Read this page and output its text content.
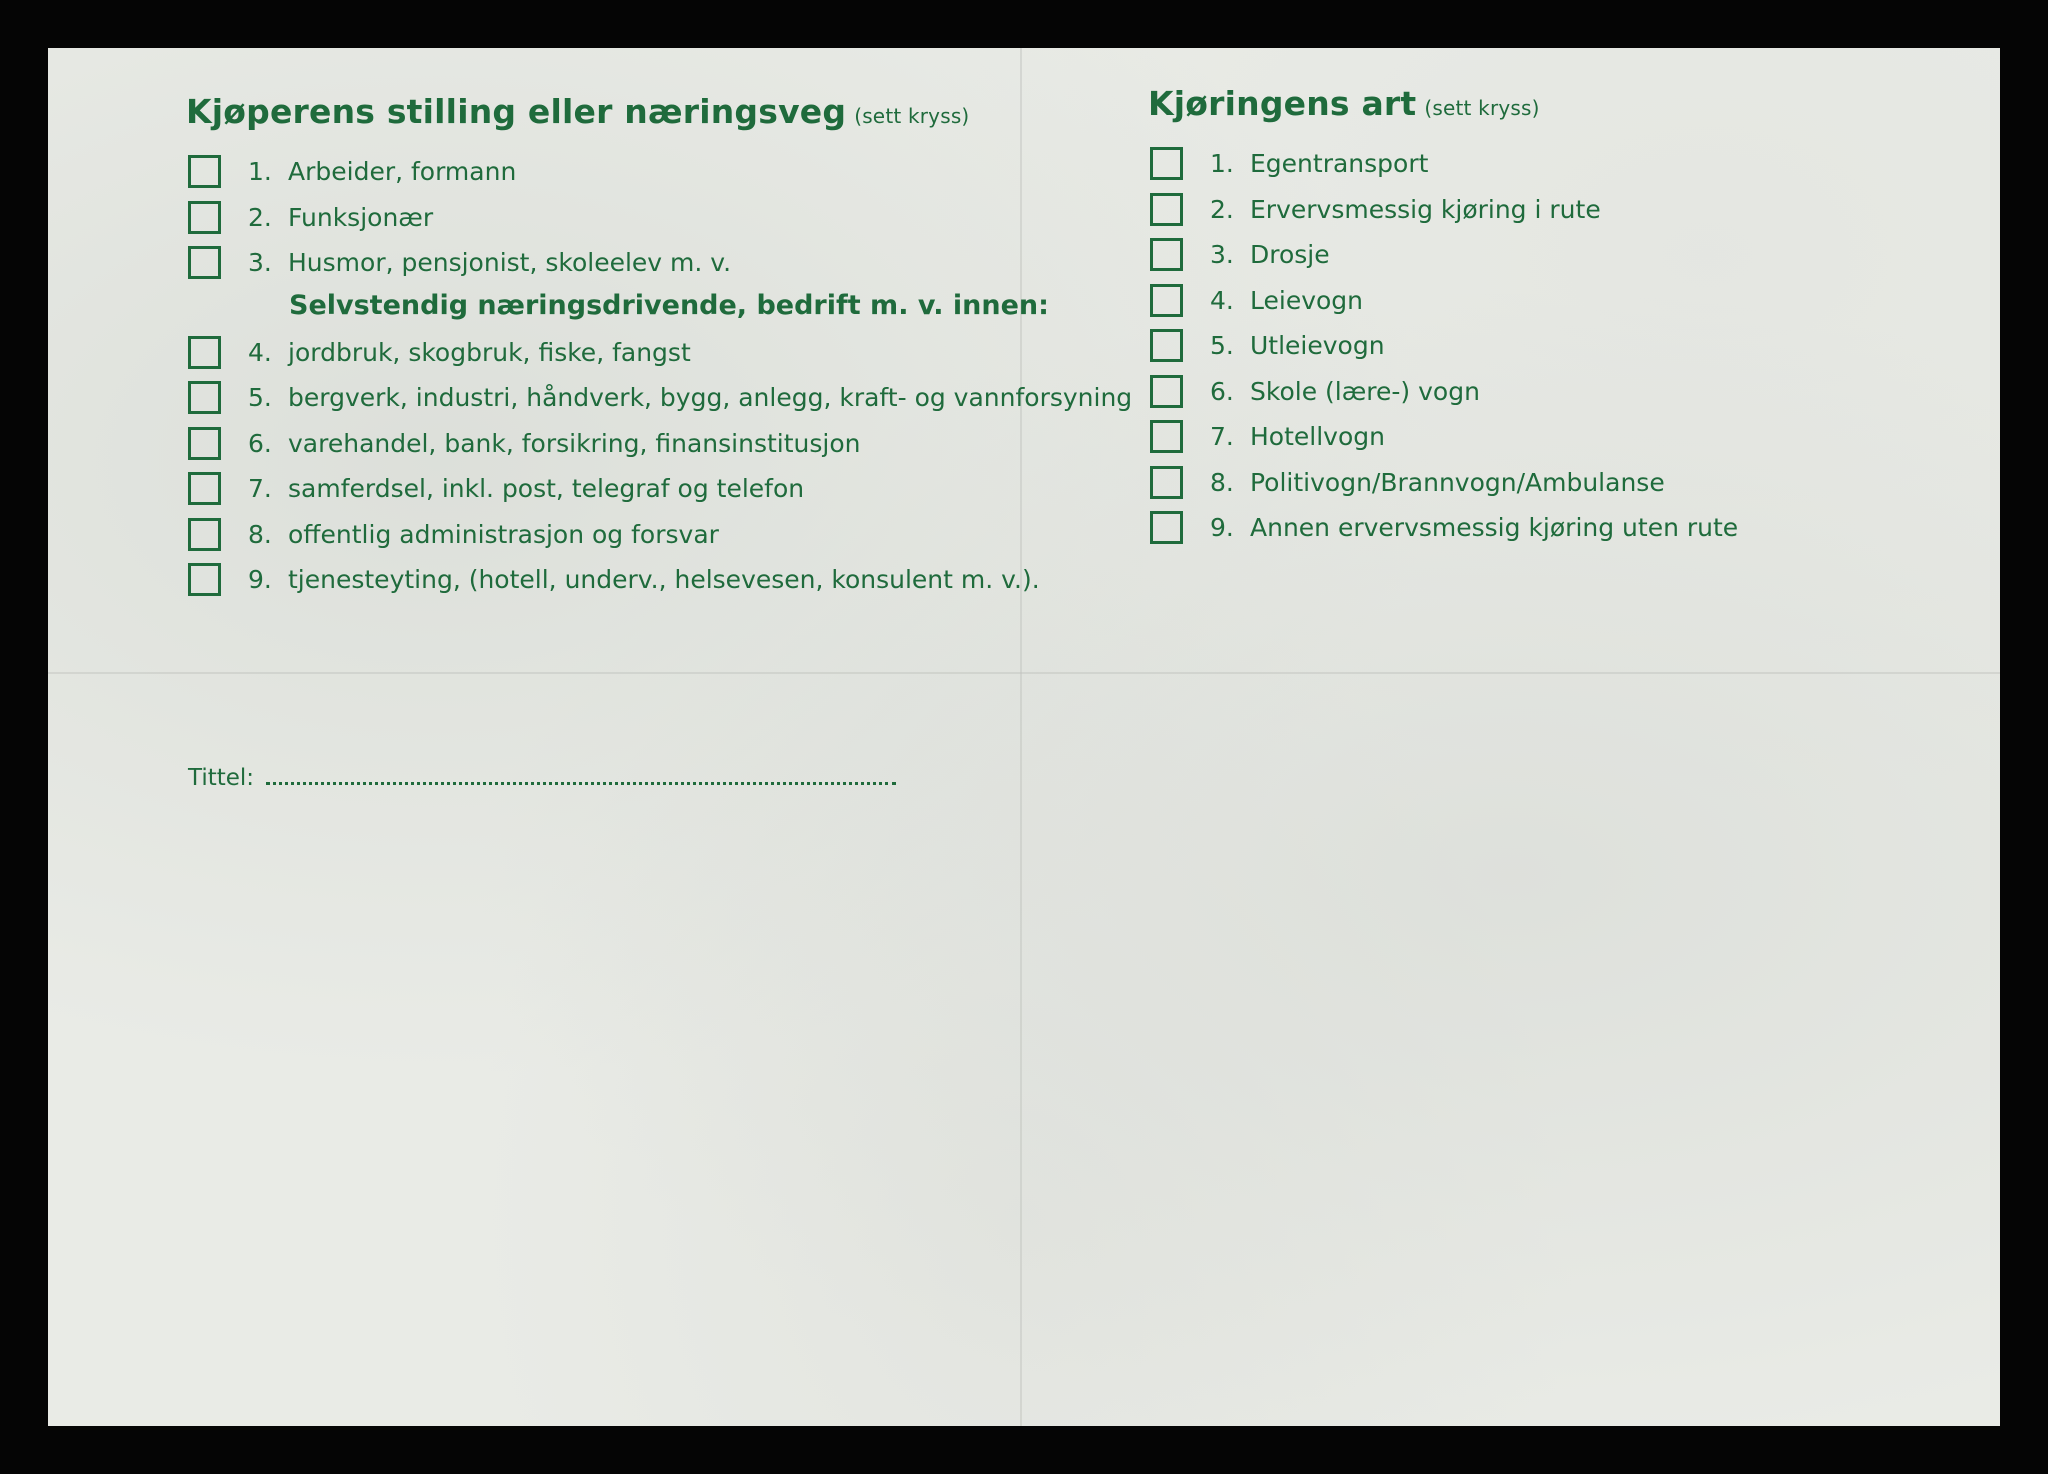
Kjøperens stilling eller næringsveg (sett kryss)
1. Arbeider, formann
2. Funksjonær
3. Husmor, pensjonist, skoleelev m. v.
Selvstendig næringsdrivende, bedrift m. v. innen:
4. jordbruk, skogbruk, fiske, fangst
5. bergverk, industri, håndverk, bygg, anlegg, kraft- og vannforsyning
6. varehandel, bank, forsikring, finansinstitusjon
7. samferdsel, inkl. post, telegraf og telefon
8. offentlig administrasjon og forsvar
9. tjenesteyting, (hotell, underv., helsevesen, konsulent m. v.).
Kjøringens art (sett kryss)
1. Egentransport
2. Ervervsmessig kjøring i rute
3. Drosje
4. Leievogn
5. Utleievogn
6. Skole (lære-) vogn
7. Hotellvogn
8. Politivogn/Brannvogn/Ambulanse
9. Annen ervervsmessig kjøring uten rute
Tittel:
